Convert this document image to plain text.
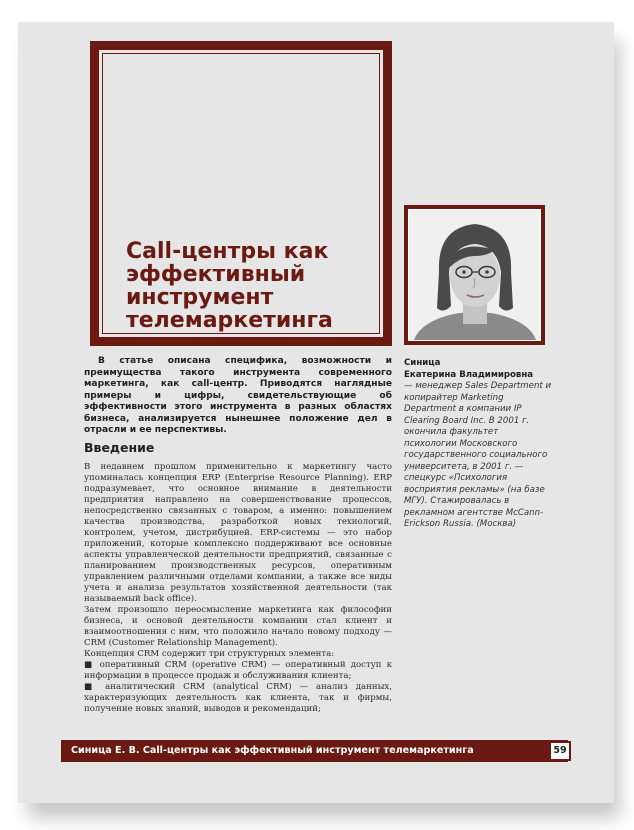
Call-центры как
эффективный
инструмент
телемаркетинга
В статье описана специфика, возможности и преимущества такого инструмента современного маркетинга, как call-центр. Приводятся наглядные примеры и цифры, свидетельствующие об эффективности этого инструмента в разных областях бизнеса, анализируется нынешнее положение дел в отрасли и ее перспективы.
Введение

В недавнем прошлом применительно к маркетингу часто упоминалась концепция ERP (Enterprise Resource Planning). ERP подразумевает, что основное внимание в деятельности предприятия направлено на совершенствование процессов, непосредственно связанных с товаром, а именно: повышением качества производства, разработкой новых технологий, контролем, учетом, дистрибуцией. ERP-системы — это набор приложений, которые комплексно поддерживают все основные аспекты управленческой деятельности предприятий, связанные с планированием производственных ресурсов, оперативным управлением различными отделами компании, а также все виды учета и анализа результатов хозяйственной деятельности (так называемый back office).

Затем произошло переосмысление маркетинга как философии бизнеса, и основой деятельности компании стал клиент и взаимоотношения с ним, что положило начало новому подходу — CRM (Customer Relationship Management).

Концепция CRM содержит три структурных элемента:

■ оперативный CRM (operative CRM) — оперативный доступ к информации в процессе продаж и обслуживания клиента;

■ аналитический CRM (analytical CRM) — анализ данных, характеризующих деятельность как клиента, так и фирмы, получение новых знаний, выводов и рекомендаций;

Синица
Екатерина Владимировна
— менеджер Sales Department и копирайтер Marketing Department в компании IP Clearing Board Inc. В 2001 г. окончила факультет психологии Московского государственного социального университета, в 2001 г. — спецкурс «Психология восприятия рекламы» (на базе МГУ). Стажировалась в рекламном агентстве McCann-Erickson Russia. (Москва)
Синица Е. В. Call-центры как эффективный инструмент телемаркетинга	59
